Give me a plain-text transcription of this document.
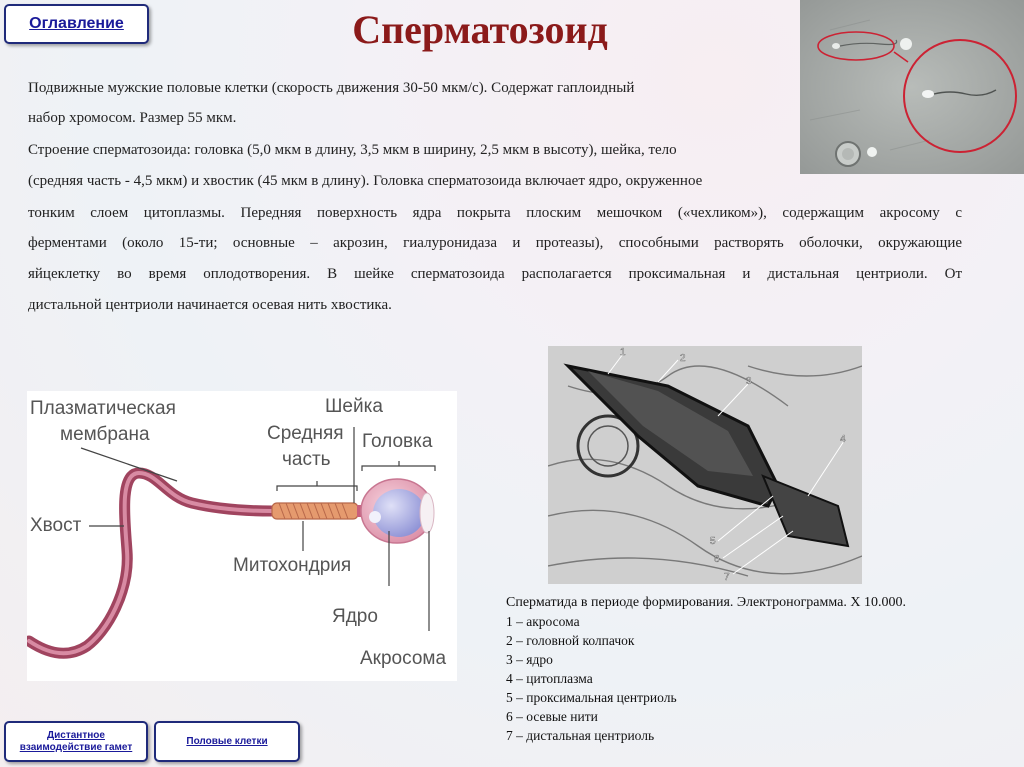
Оглавление
Дистантное взаимодействие гамет	Половые клетки
Сперматозоид
Подвижные мужские половые клетки (скорость движения 30-50 мкм/с). Содержат гаплоидный
набор хромосом. Размер 55 мкм.
Строение сперматозоида: головка (5,0 мкм в длину, 3,5 мкм в ширину, 2,5 мкм в высоту), шейка, тело
(средняя часть - 4,5 мкм) и хвостик (45 мкм в длину). Головка сперматозоида включает ядро, окруженное
тонким слоем цитоплазмы. Передняя поверхность ядра покрыта плоским мешочком («чехликом»), содержащим акросому с
ферментами (около 15-ти; основные – акрозин, гиалуронидаза и протеазы), способными растворять оболочки, окружающие
яйцеклетку во время оплодотворения. В шейке сперматозоида располагается проксимальная и дистальная центриоли. От
дистальной центриоли начинается осевая нить хвостика.
Плазматическая
мембрана
Шейка
Средняя
часть
Головка
Хвост
Митохондрия
Ядро
Акросома
1
2
3
4
5
6
7
Сперматида в периоде формирования. Электронограмма. Х 10.000.
1 – акросома
2 – головной колпачок
3 – ядро
4 – цитоплазма
5 – проксимальная центриоль
6 – осевые нити
7 – дистальная центриоль
